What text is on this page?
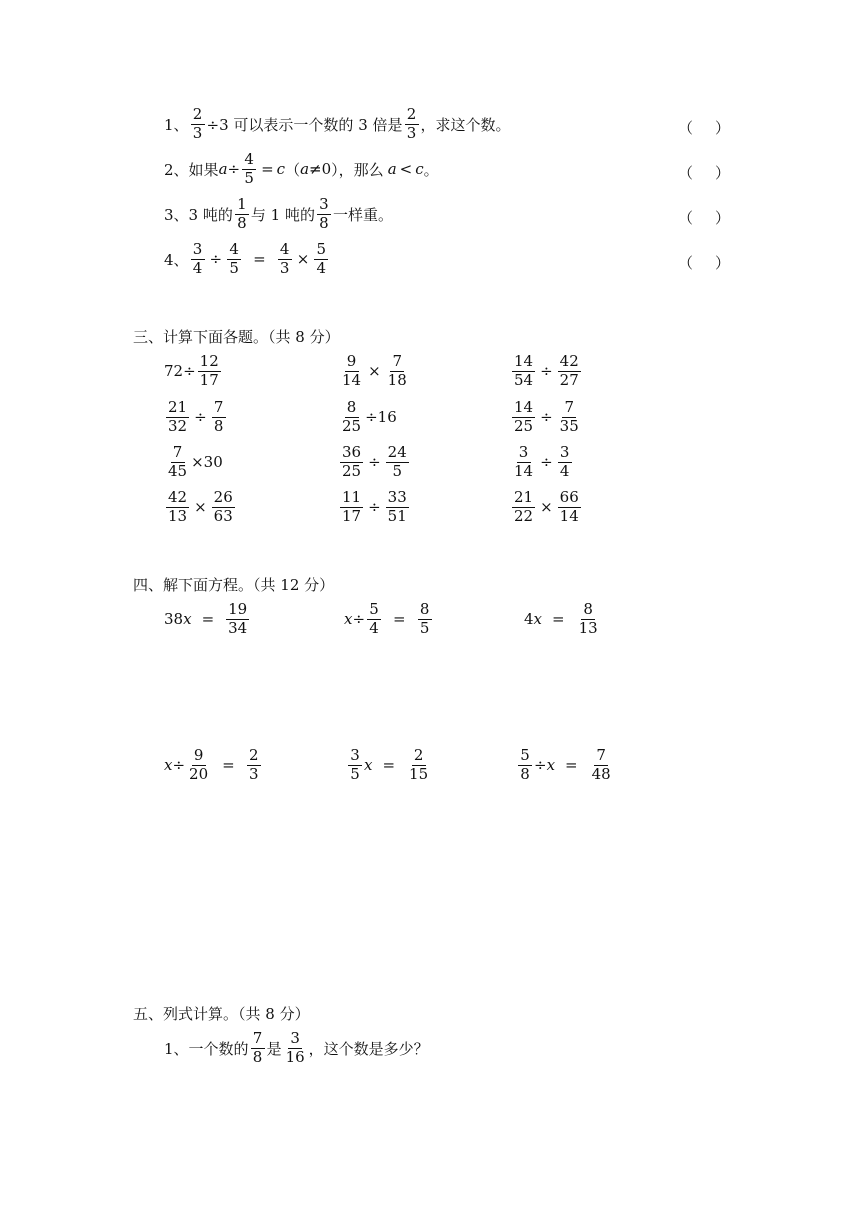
1、 $\frac{2}{3} \div 3$ 可以表示一个数的 3 倍是 $\frac{2}{3}$ ，求这个数。	（ ）
2、 如果 $a \div \frac{4}{5} = c$ （ a ≠0 ），那么 a < c 。	（ ）
3、 3 吨的 $\frac{1}{8}$ 与 1 吨的 $\frac{3}{8}$ 一样重。	（ ）
4、 $\frac{3}{4} \div \frac{4}{5} = \frac{4}{3} \times \frac{5}{4}$	（ ）
三、计算下面各题。（共 8 分）
$72 \div \frac{12}{17}$	$\frac{9}{14} \times \frac{7}{18}$	$\frac{14}{54} \div \frac{42}{27}$
$\frac{21}{32} \div \frac{7}{8}$	$\frac{8}{25} \div 16$	$\frac{14}{25} \div \frac{7}{35}$
$\frac{7}{45} \times 30$	$\frac{36}{25} \div \frac{24}{5}$	$\frac{3}{14} \div \frac{3}{4}$
$\frac{42}{13} \times \frac{26}{63}$	$\frac{11}{17} \div \frac{33}{51}$	$\frac{21}{22} \times \frac{66}{14}$
四、解下面方程。（共 12 分）
38 $x = \frac{19}{34}$	$x \div \frac{5}{4} = \frac{8}{5}$	4 $x = \frac{8}{13}$
$x \div \frac{9}{20} = \frac{2}{3}$	$\frac{3}{5}$ $x = \frac{2}{15}$	$\frac{5}{8} \div x = \frac{7}{48}$
五、列式计算。（共 8 分）
1、 一个数的 $\frac{7}{8}$ 是 $\frac{3}{16}$ ，这个数是多少？
